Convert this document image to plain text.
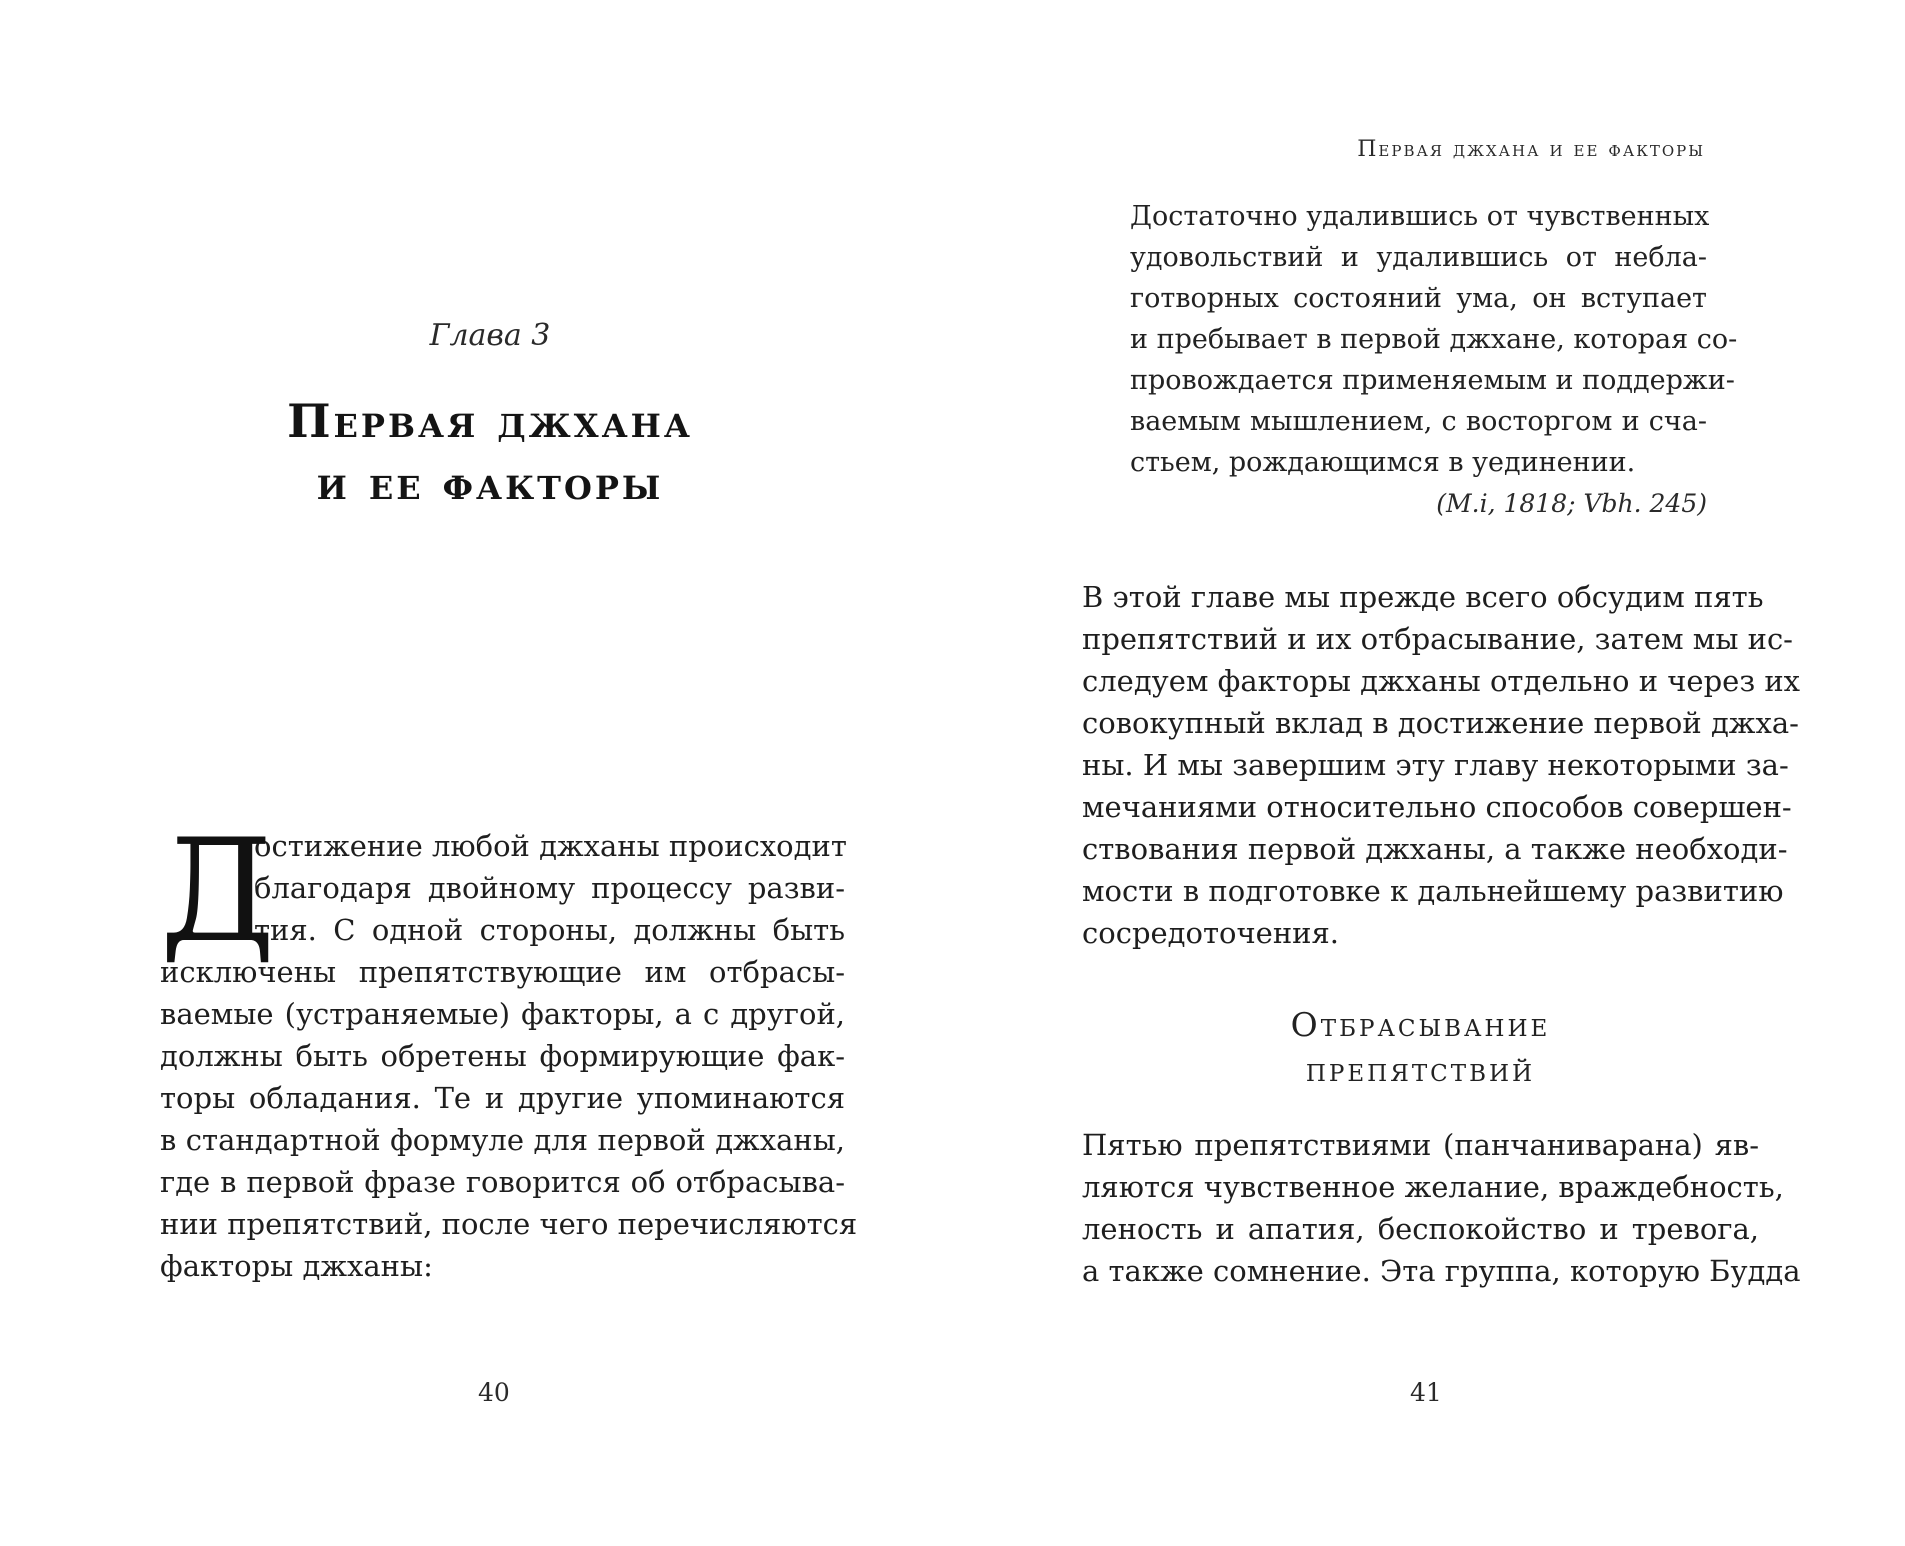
Глава 3
Первая джхана
и ее факторы
Д
остижение любой джханы происходит
благодаря двойному процессу разви-
тия. С одной стороны, должны быть
исключены препятствующие им отбрасы-
ваемые (устраняемые) факторы, а с другой,
должны быть обретены формирующие фак-
торы обладания. Те и другие упоминаются
в стандартной формуле для первой джханы,
где в первой фразе говорится об отбрасыва-
нии препятствий, после чего перечисляются
факторы джханы:
40
Первая джхана и ее факторы
Достаточно удалившись от чувственных
удовольствий и удалившись от небла-
готворных состояний ума, он вступает
и пребывает в первой джхане, которая со-
провождается применяемым и поддержи-
ваемым мышлением, с восторгом и сча-
стьем, рождающимся в уединении.
(M.i, 1818; Vbh. 245)
В этой главе мы прежде всего обсудим пять
препятствий и их отбрасывание, затем мы ис-
следуем факторы джханы отдельно и через их
совокупный вклад в достижение первой джха-
ны. И мы завершим эту главу некоторыми за-
мечаниями относительно способов совершен-
ствования первой джханы, а также необходи-
мости в подготовке к дальнейшему развитию
сосредоточения.
Отбрасывание
препятствий
Пятью препятствиями (панчаниварана) яв-
ляются чувственное желание, враждебность,
леность и апатия, беспокойство и тревога,
а также сомнение. Эта группа, которую Будда
41
